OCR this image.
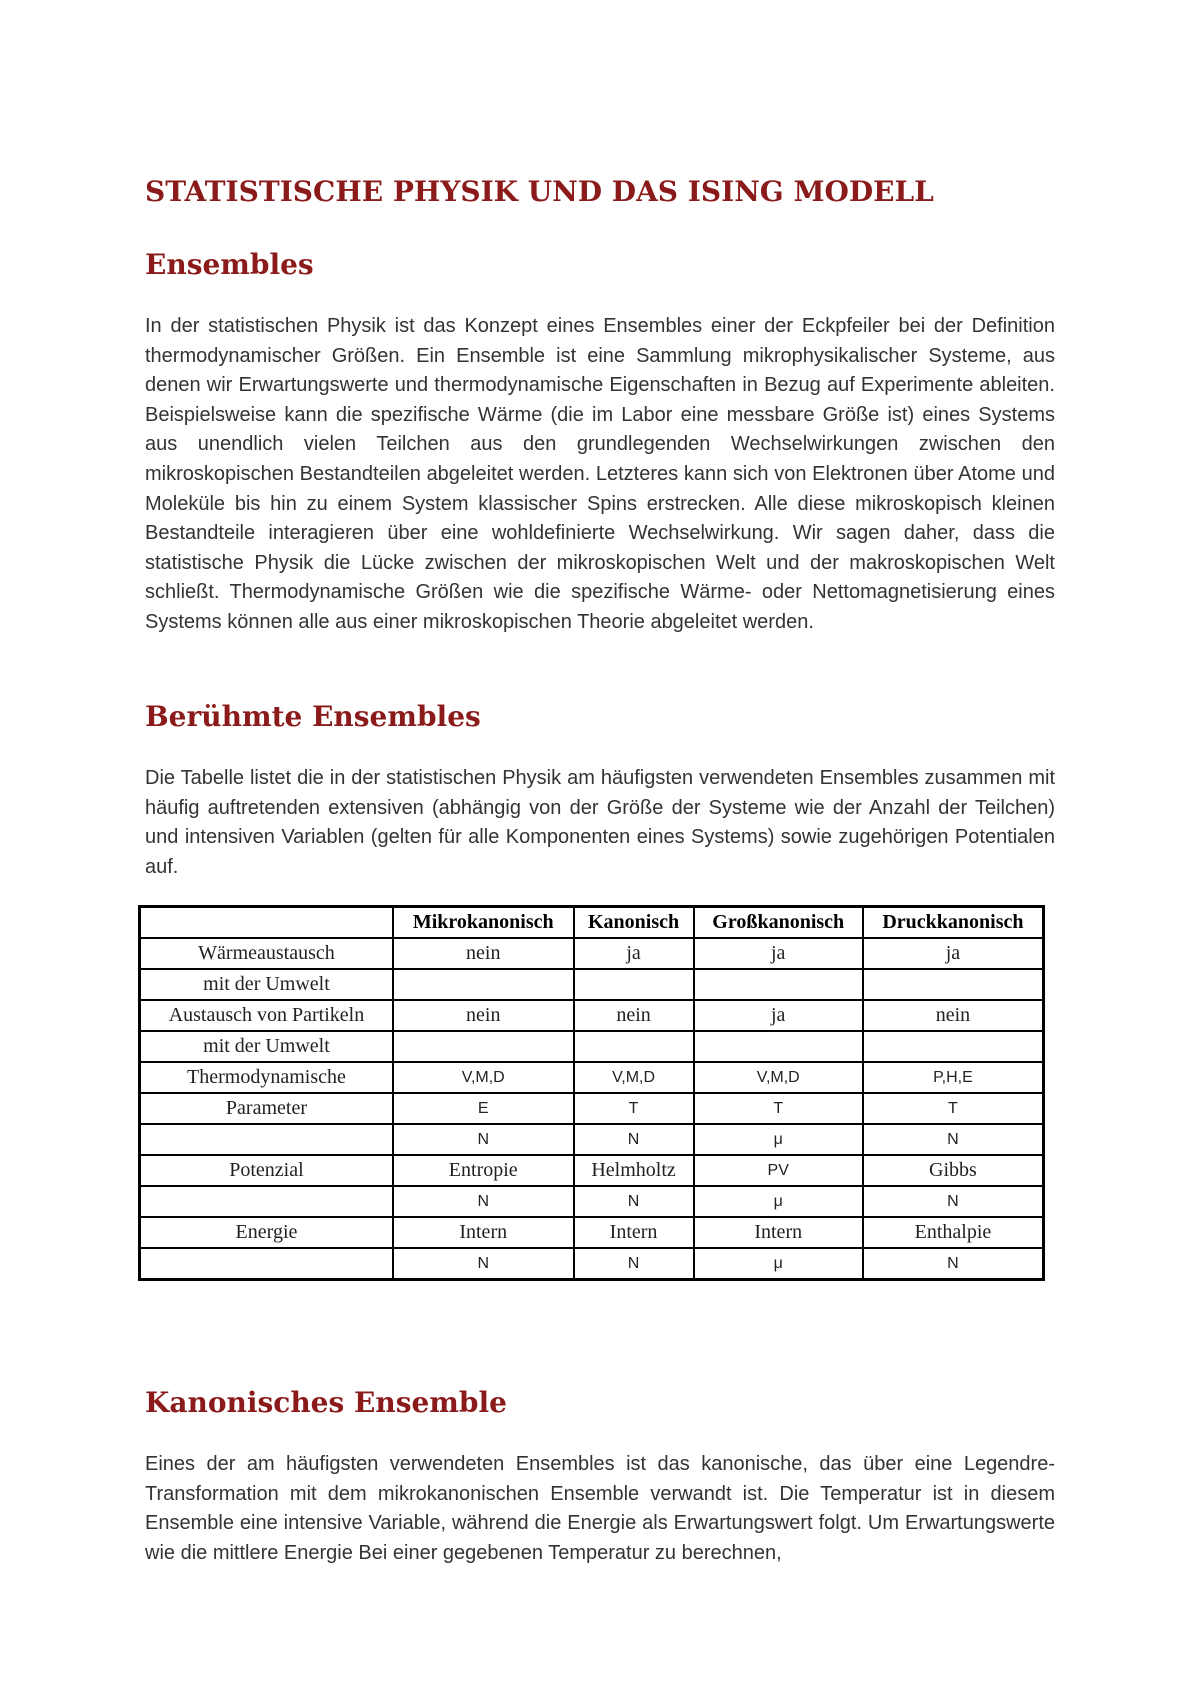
STATISTISCHE PHYSIK UND DAS ISING MODELL
Ensembles

In der statistischen Physik ist das Konzept eines Ensembles einer der Eckpfeiler bei der Definition thermodynamischer Größen. Ein Ensemble ist eine Sammlung mikrophysikalischer Systeme, aus denen wir Erwartungswerte und thermodynamische Eigenschaften in Bezug auf Experimente ableiten. Beispielsweise kann die spezifische Wärme (die im Labor eine messbare Größe ist) eines Systems aus unendlich vielen Teilchen aus den grundlegenden Wechselwirkungen zwischen den mikroskopischen Bestandteilen abgeleitet werden. Letzteres kann sich von Elektronen über Atome und Moleküle bis hin zu einem System klassischer Spins erstrecken. Alle diese mikroskopisch kleinen Bestandteile interagieren über eine wohldefinierte Wechselwirkung. Wir sagen daher, dass die statistische Physik die Lücke zwischen der mikroskopischen Welt und der makroskopischen Welt schließt. Thermodynamische Größen wie die spezifische Wärme- oder Nettomagnetisierung eines Systems können alle aus einer mikroskopischen Theorie abgeleitet werden.

Berühmte Ensembles

Die Tabelle listet die in der statistischen Physik am häufigsten verwendeten Ensembles zusammen mit häufig auftretenden extensiven (abhängig von der Größe der Systeme wie der Anzahl der Teilchen) und intensiven Variablen (gelten für alle Komponenten eines Systems) sowie zugehörigen Potentialen auf.

	Mikrokanonisch	Kanonisch	Großkanonisch	Druckkanonisch
Wärmeaustausch	nein	ja	ja	ja
mit der Umwelt				
Austausch von Partikeln	nein	nein	ja	nein
mit der Umwelt				
Thermodynamische	V,M,D	V,M,D	V,M,D	P,H,E
Parameter	E	T	T	T
	N	N	μ	N
Potenzial	Entropie	Helmholtz	PV	Gibbs
	N	N	μ	N
Energie	Intern	Intern	Intern	Enthalpie
	N	N	μ	N
Kanonisches Ensemble

Eines der am häufigsten verwendeten Ensembles ist das kanonische, das über eine Legendre-Transformation mit dem mikrokanonischen Ensemble verwandt ist. Die Temperatur ist in diesem Ensemble eine intensive Variable, während die Energie als Erwartungswert folgt. Um Erwartungswerte wie die mittlere Energie Bei einer gegebenen Temperatur zu berechnen,
